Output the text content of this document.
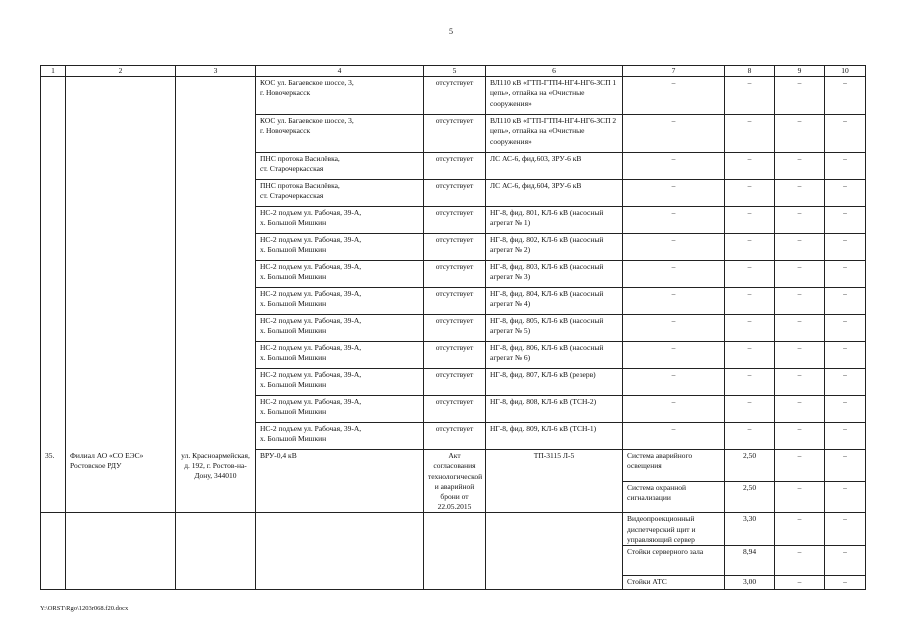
5
1	2	3	4	5	6	7	8	9	10
			КОС ул. Багаевское шоссе, 3,
г. Новочеркасск	отсутствует	ВЛ110 кВ «ГТП-ГТП4-НГ4-НГ6-ЗСП 1 цепь», отпайка на «Очистные сооружения»	–	–	–	–
			КОС ул. Багаевское шоссе, 3,
г. Новочеркасск	отсутствует	ВЛ110 кВ «ГТП-ГТП4-НГ4-НГ6-ЗСП 2 цепь», отпайка на «Очистные сооружения»	–	–	–	–
			ПНС протока Василёвка,
ст. Старочеркасская	отсутствует	ЛС АС-6, фид.603, ЗРУ-6 кВ	–	–	–	–
			ПНС протока Василёвка,
ст. Старочеркасская	отсутствует	ЛС АС-6, фид.604, ЗРУ-6 кВ	–	–	–	–
			НС-2 подъем ул. Рабочая, 39-А,
х. Большой Мишкин	отсутствует	НГ-8, фид. 801, КЛ-6 кВ (насосный агрегат № 1)	–	–	–	–
			НС-2 подъем ул. Рабочая, 39-А,
х. Большой Мишкин	отсутствует	НГ-8, фид. 802, КЛ-6 кВ (насосный агрегат № 2)	–	–	–	–
			НС-2 подъем ул. Рабочая, 39-А,
х. Большой Мишкин	отсутствует	НГ-8, фид. 803, КЛ-6 кВ (насосный агрегат № 3)	–	–	–	–
			НС-2 подъем ул. Рабочая, 39-А,
х. Большой Мишкин	отсутствует	НГ-8, фид. 804, КЛ-6 кВ (насосный агрегат № 4)	–	–	–	–
			НС-2 подъем ул. Рабочая, 39-А,
х. Большой Мишкин	отсутствует	НГ-8, фид. 805, КЛ-6 кВ (насосный агрегат № 5)	–	–	–	–
			НС-2 подъем ул. Рабочая, 39-А,
х. Большой Мишкин	отсутствует	НГ-8, фид. 806, КЛ-6 кВ (насосный агрегат № 6)	–	–	–	–
			НС-2 подъем ул. Рабочая, 39-А,
х. Большой Мишкин	отсутствует	НГ-8, фид. 807, КЛ-6 кВ (резерв)	–	–	–	–
			НС-2 подъем ул. Рабочая, 39-А,
х. Большой Мишкин	отсутствует	НГ-8, фид. 808, КЛ-6 кВ (ТСН-2)	–	–	–	–
			НС-2 подъем ул. Рабочая, 39-А,
х. Большой Мишкин	отсутствует	НГ-8, фид. 809, КЛ-6 кВ (ТСН-1)	–	–	–	–
35.	Филиал АО «СО ЕЭС» Ростовское РДУ	ул. Красноармейская, д. 192, г. Ростов-на-Дону, 344010	ВРУ-0,4 кВ	Акт согласования технологической и аварийной брони от 22.05.2015	ТП-3115 Л-5	Система аварийного освещения	2,50	–	–
						Система охранной сигнализации	2,50	–	–
						Видеопроекционный диспетчерский щит и управляющий сервер	3,30	–	–
						Стойки серверного зала	8,94	–	–
						Стойки АТС	3,00	–	–
Y:\ORST\Rgo\1203r068.f20.docx
